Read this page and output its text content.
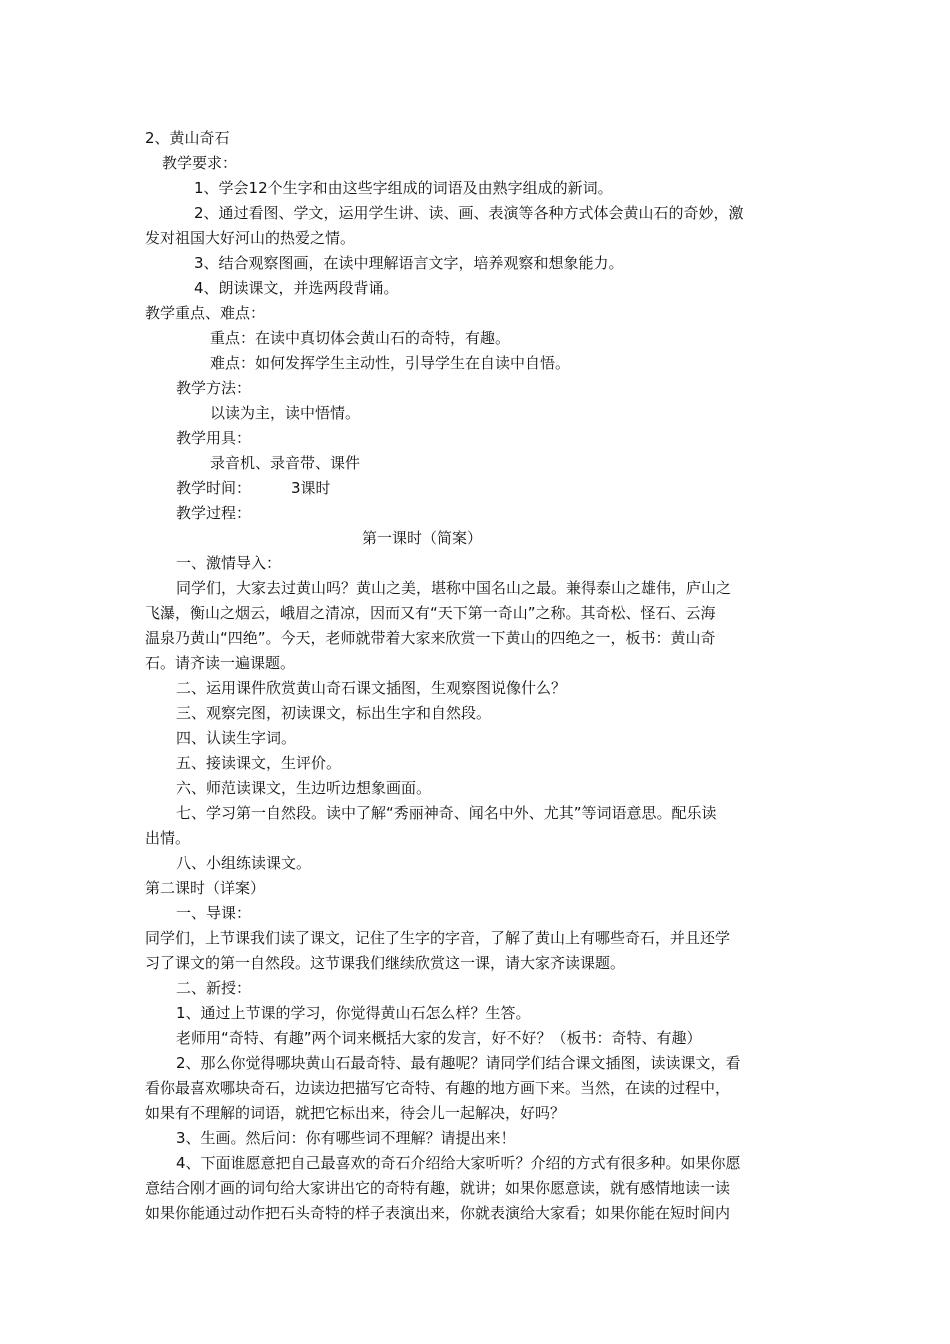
2、黄山奇石
教学要求：
1、学会12个生字和由这些字组成的词语及由熟字组成的新词。
2、通过看图、学文，运用学生讲、读、画、表演等各种方式体会黄山石的奇妙，激
发对祖国大好河山的热爱之情。
3、结合观察图画，在读中理解语言文字，培养观察和想象能力。
4、朗读课文，并选两段背诵。
教学重点、难点：
重点：在读中真切体会黄山石的奇特，有趣。
难点：如何发挥学生主动性，引导学生在自读中自悟。
教学方法：
以读为主，读中悟情。
教学用具：
录音机、录音带、课件
教学时间：	3课时
教学过程：
第一课时（简案）
一、激情导入：
同学们，大家去过黄山吗？黄山之美，堪称中国名山之最。兼得泰山之雄伟，庐山之
飞瀑，衡山之烟云，峨眉之清凉，因而又有“天下第一奇山”之称。其奇松、怪石、云海
温泉乃黄山“四绝”。今天，老师就带着大家来欣赏一下黄山的四绝之一，板书：黄山奇
石。请齐读一遍课题。
二、运用课件欣赏黄山奇石课文插图，生观察图说像什么？
三、观察完图，初读课文，标出生字和自然段。
四、认读生字词。
五、接读课文，生评价。
六、师范读课文，生边听边想象画面。
七、学习第一自然段。读中了解“秀丽神奇、闻名中外、尤其”等词语意思。配乐读
出情。
八、小组练读课文。
第二课时（详案）
一、导课：
同学们，上节课我们读了课文，记住了生字的字音，了解了黄山上有哪些奇石，并且还学
习了课文的第一自然段。这节课我们继续欣赏这一课，请大家齐读课题。
二、新授：
1、通过上节课的学习，你觉得黄山石怎么样？生答。
老师用“奇特、有趣”两个词来概括大家的发言，好不好？（板书：奇特、有趣）
2、那么你觉得哪块黄山石最奇特、最有趣呢？请同学们结合课文插图，读读课文，看
看你最喜欢哪块奇石，边读边把描写它奇特、有趣的地方画下来。当然，在读的过程中，
如果有不理解的词语，就把它标出来，待会儿一起解决，好吗？
3、生画。然后问：你有哪些词不理解？请提出来！
4、下面谁愿意把自己最喜欢的奇石介绍给大家听听？介绍的方式有很多种。如果你愿
意结合刚才画的词句给大家讲出它的奇特有趣，就讲；如果你愿意读，就有感情地读一读
如果你能通过动作把石头奇特的样子表演出来，你就表演给大家看；如果你能在短时间内
